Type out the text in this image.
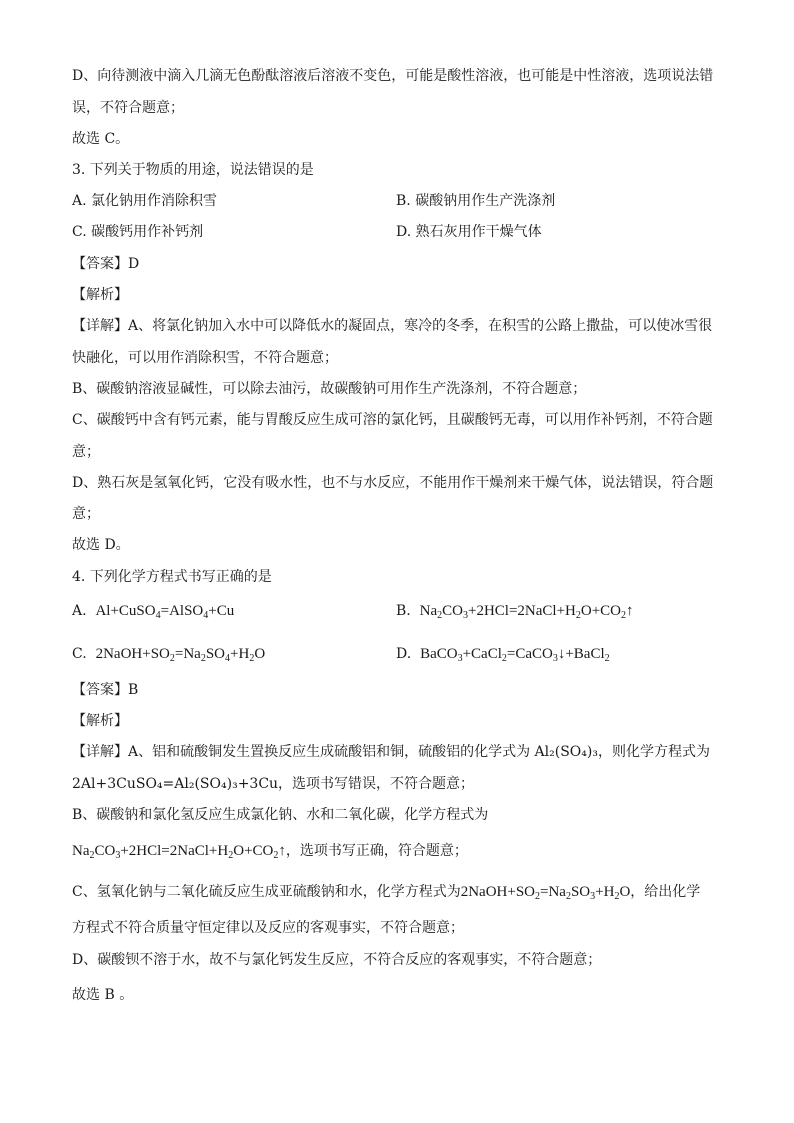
D、向待测液中滴入几滴无色酚酞溶液后溶液不变色，可能是酸性溶液，也可能是中性溶液，选项说法错
误，不符合题意；
故选 C。
3. 下列关于物质的用途，说法错误的是
A. 氯化钠用作消除积雪	B. 碳酸钠用作生产洗涤剂
C. 碳酸钙用作补钙剂	D. 熟石灰用作干燥气体
【答案】D
【解析】
【详解】A、将氯化钠加入水中可以降低水的凝固点，寒冷的冬季，在积雪的公路上撒盐，可以使冰雪很
快融化，可以用作消除积雪，不符合题意；
B、碳酸钠溶液显碱性，可以除去油污，故碳酸钠可用作生产洗涤剂，不符合题意；
C、碳酸钙中含有钙元素，能与胃酸反应生成可溶的氯化钙，且碳酸钙无毒，可以用作补钙剂，不符合题
意；
D、熟石灰是氢氧化钙，它没有吸水性，也不与水反应，不能用作干燥剂来干燥气体，说法错误，符合题
意；
故选 D。
4. 下列化学方程式书写正确的是
A.  Al+CuSO$_4$=AlSO$_4$+Cu	B.  $Na_2CO_3+2HCl=2NaCl+H_2O+CO_2↑$
C.  $2NaOH+SO_2=Na_2SO_4+H_2O$	D.  BaCO$_3$+CaCl$_2$=CaCO$_3$↓+BaCl$_2$
【答案】B
【解析】
【详解】A、铝和硫酸铜发生置换反应生成硫酸铝和铜，硫酸铝的化学式为 Al₂(SO₄)₃，则化学方程式为
2Al+3CuSO₄=Al₂(SO₄)₃+3Cu，选项书写错误，不符合题意；
B、碳酸钠和氯化氢反应生成氯化钠、水和二氧化碳，化学方程式为
$Na_2CO_3+2HCl=2NaCl+H_2O+CO_2↑$，选项书写正确，符合题意；
C、氢氧化钠与二氧化硫反应生成亚硫酸钠和水，化学方程式为$2NaOH+SO_2=Na_2SO_3+H_2O$，给出化学
方程式不符合质量守恒定律以及反应的客观事实，不符合题意；
D、碳酸钡不溶于水，故不与氯化钙发生反应，不符合反应的客观事实，不符合题意；
故选 B 。
